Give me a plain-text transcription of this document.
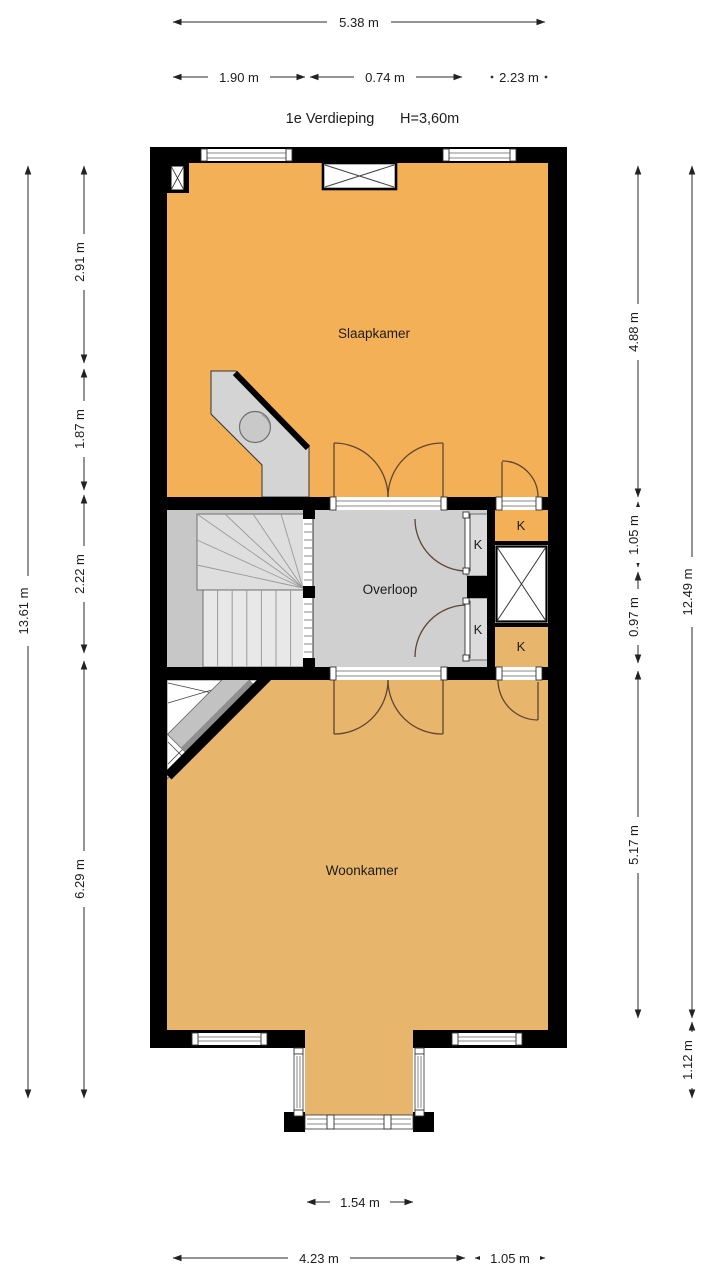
Slaapkamer
Overloop
Woonkamer
K
K
K
K
1e Verdieping H=3,60m
5.38 m
1.90 m	0.74 m	2.23 m
13.61 m
2.91 m
1.87 m
2.22 m
6.29 m
4.88 m
1.05 m
0.97 m
5.17 m
12.49 m
1.12 m
1.54 m
4.23 m	1.05 m
